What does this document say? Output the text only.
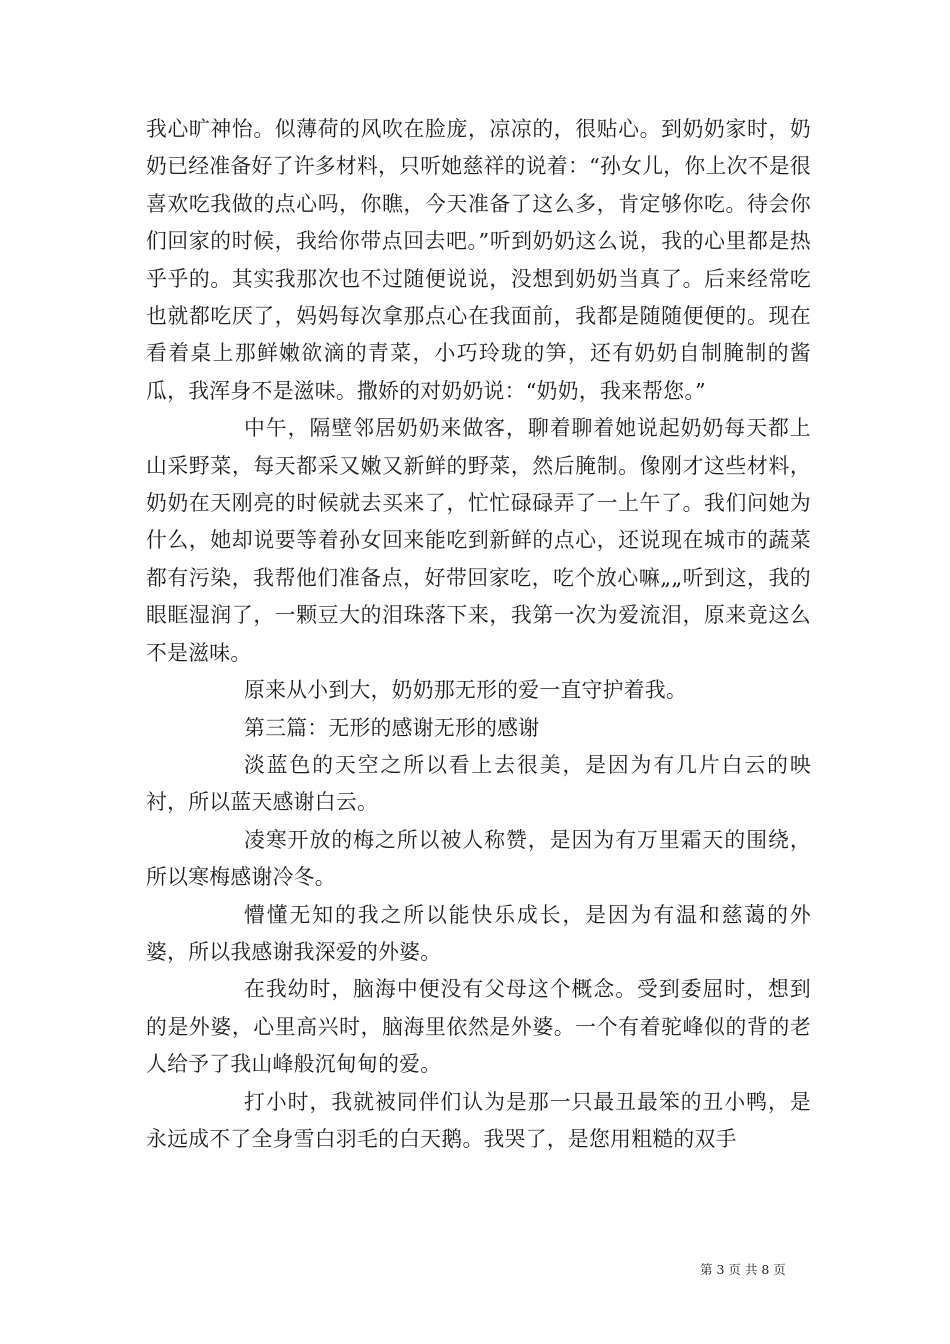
我心旷神怡。似薄荷的风吹在脸庞，凉凉的，很贴心。到奶奶家时，奶奶已经准备好了许多材料，只听她慈祥的说着：“孙女儿，你上次不是很喜欢吃我做的点心吗，你瞧，今天准备了这么多，肯定够你吃。待会你们回家的时候，我给你带点回去吧。”听到奶奶这么说，我的心里都是热乎乎的。其实我那次也不过随便说说，没想到奶奶当真了。后来经常吃也就都吃厌了，妈妈每次拿那点心在我面前，我都是随随便便的。现在看着桌上那鲜嫩欲滴的青菜，小巧玲珑的笋，还有奶奶自制腌制的酱瓜，我浑身不是滋味。撒娇的对奶奶说：“奶奶，我来帮您。”

中午，隔壁邻居奶奶来做客，聊着聊着她说起奶奶每天都上山采野菜，每天都采又嫩又新鲜的野菜，然后腌制。像刚才这些材料，奶奶在天刚亮的时候就去买来了，忙忙碌碌弄了一上午了。我们问她为什么，她却说要等着孙女回来能吃到新鲜的点心，还说现在城市的蔬菜都有污染，我帮他们准备点，好带回家吃，吃个放心嘛„„听到这，我的眼眶湿润了，一颗豆大的泪珠落下来，我第一次为爱流泪，原来竟这么不是滋味。

原来从小到大，奶奶那无形的爱一直守护着我。

第三篇：无形的感谢无形的感谢

淡蓝色的天空之所以看上去很美，是因为有几片白云的映衬，所以蓝天感谢白云。

凌寒开放的梅之所以被人称赞，是因为有万里霜天的围绕，所以寒梅感谢冷冬。

懵懂无知的我之所以能快乐成长，是因为有温和慈蔼的外婆，所以我感谢我深爱的外婆。

在我幼时，脑海中便没有父母这个概念。受到委屈时，想到的是外婆，心里高兴时，脑海里依然是外婆。一个有着驼峰似的背的老人给予了我山峰般沉甸甸的爱。

打小时，我就被同伴们认为是那一只最丑最笨的丑小鸭，是永远成不了全身雪白羽毛的白天鹅。我哭了，是您用粗糙的双手

第 3 页 共 8 页
